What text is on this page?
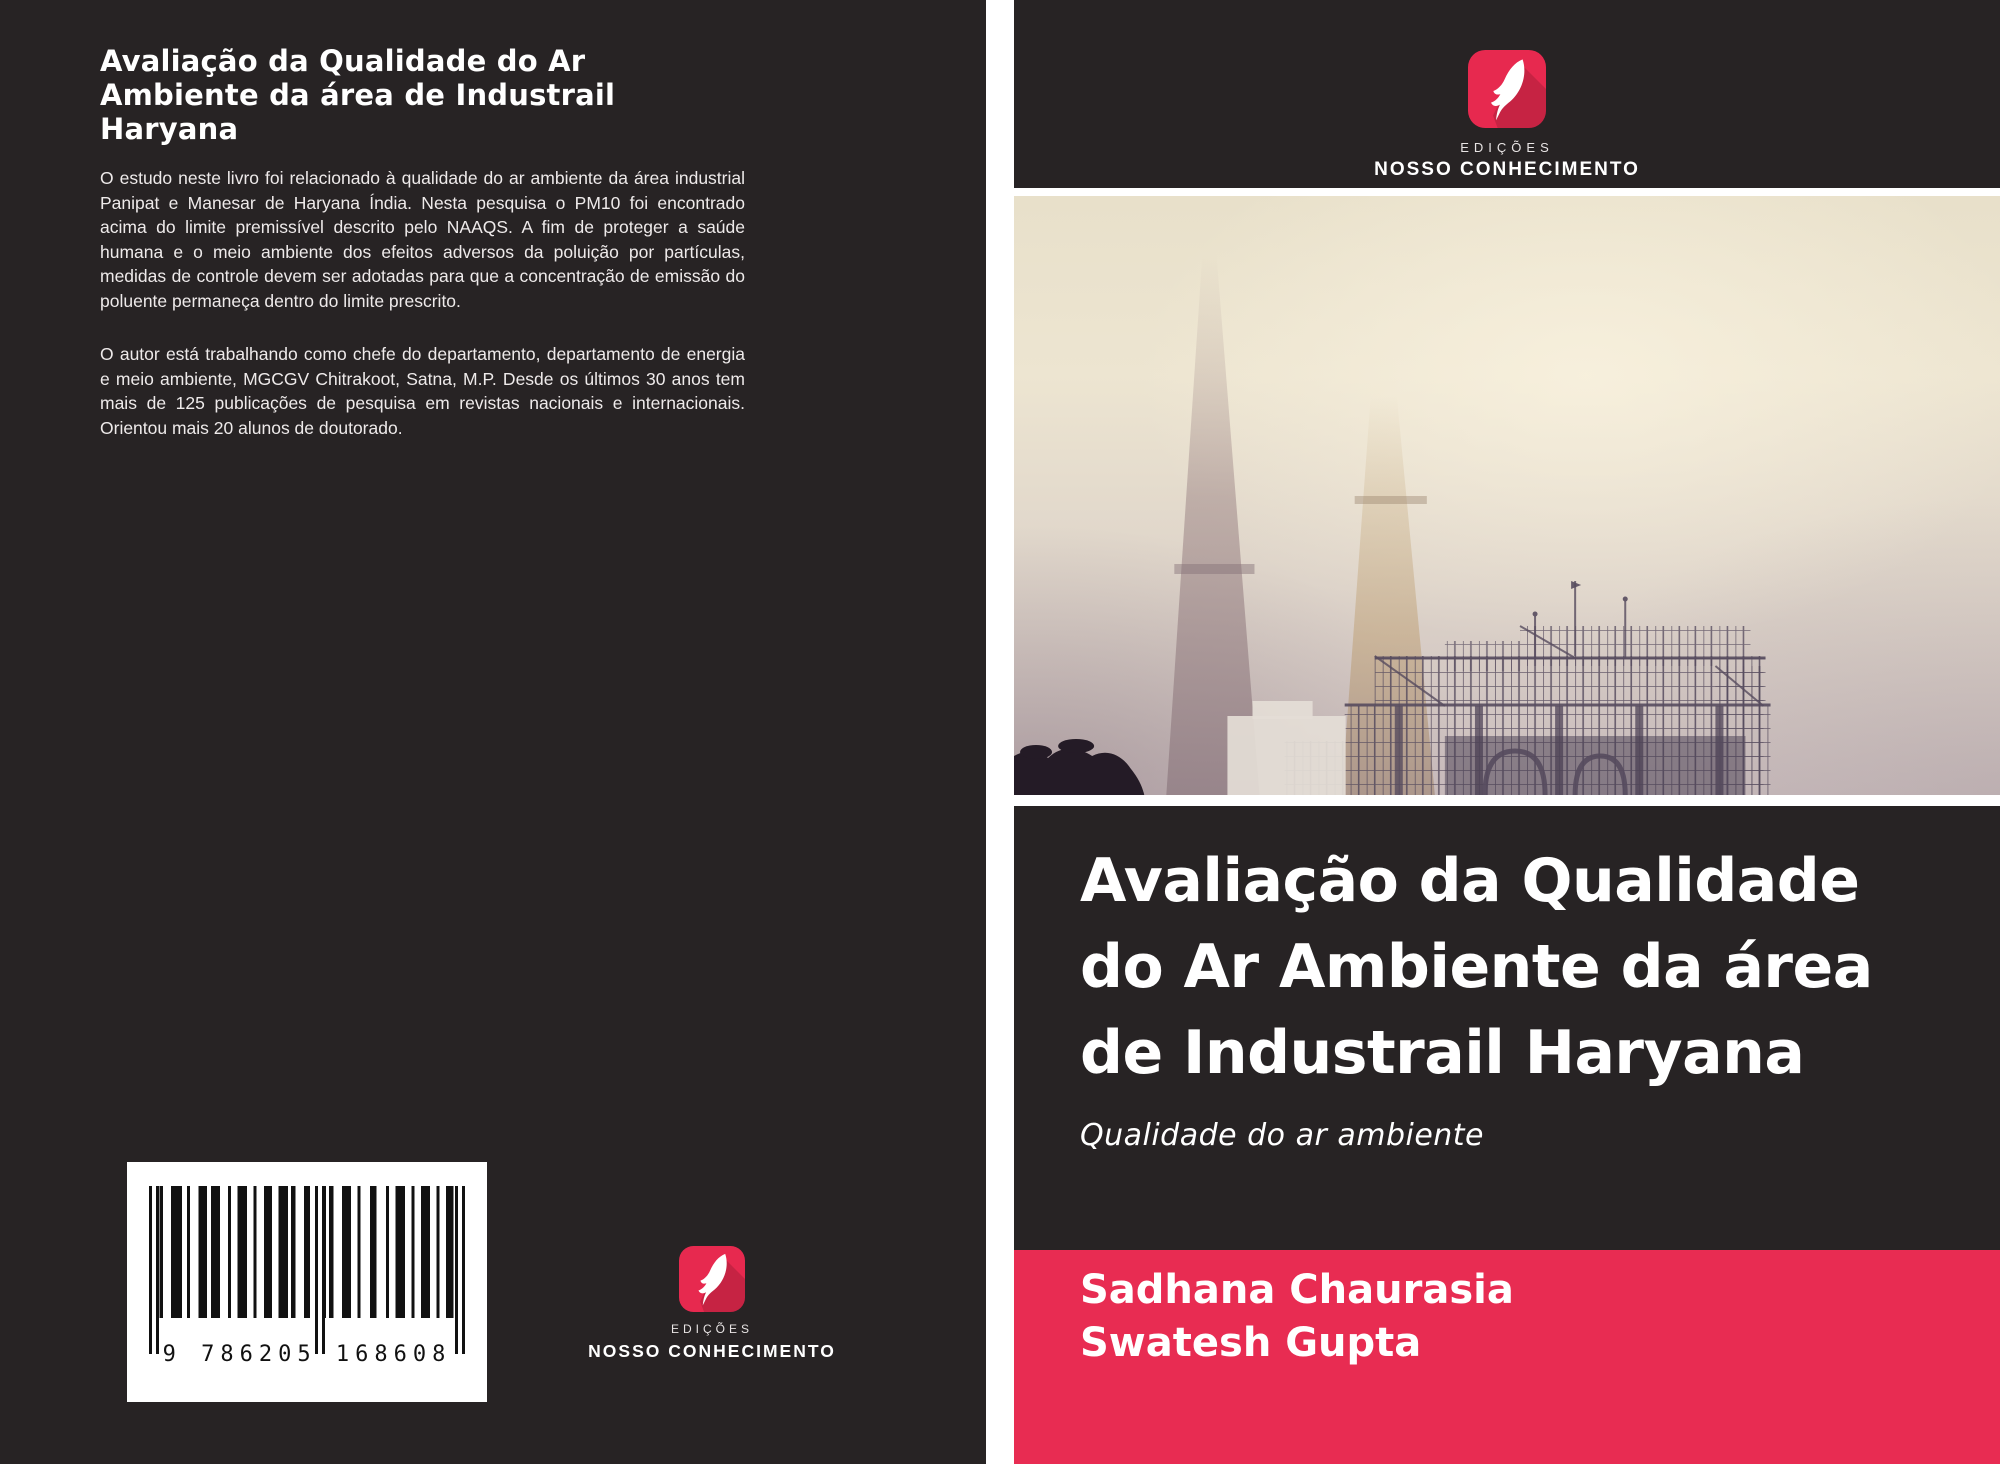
Avaliação da Qualidade do Ar
Ambiente da área de Industrail
Haryana

O estudo neste livro foi relacionado à qualidade do ar ambiente da área industrial Panipat e Manesar de Haryana Índia. Nesta pesquisa o PM10 foi encontrado acima do limite premissível descrito pelo NAAQS. A fim de proteger a saúde humana e o meio ambiente dos efeitos adversos da poluição por partículas, medidas de controle devem ser adotadas para que a concentração de emissão do poluente permaneça dentro do limite prescrito.

O autor está trabalhando como chefe do departamento, departamento de energia e meio ambiente, MGCGV Chitrakoot, Satna, M.P. Desde os últimos 30 anos tem mais de 125 publicações de pesquisa em revistas nacionais e internacionais. Orientou mais 20 alunos de doutorado.

9 786205 168608
EDIÇÕES
NOSSO CONHECIMENTO
EDIÇÕES
NOSSO CONHECIMENTO
Avaliação da Qualidade
do Ar Ambiente da área
de Industrail Haryana
Qualidade do ar ambiente
Sadhana Chaurasia
Swatesh Gupta
